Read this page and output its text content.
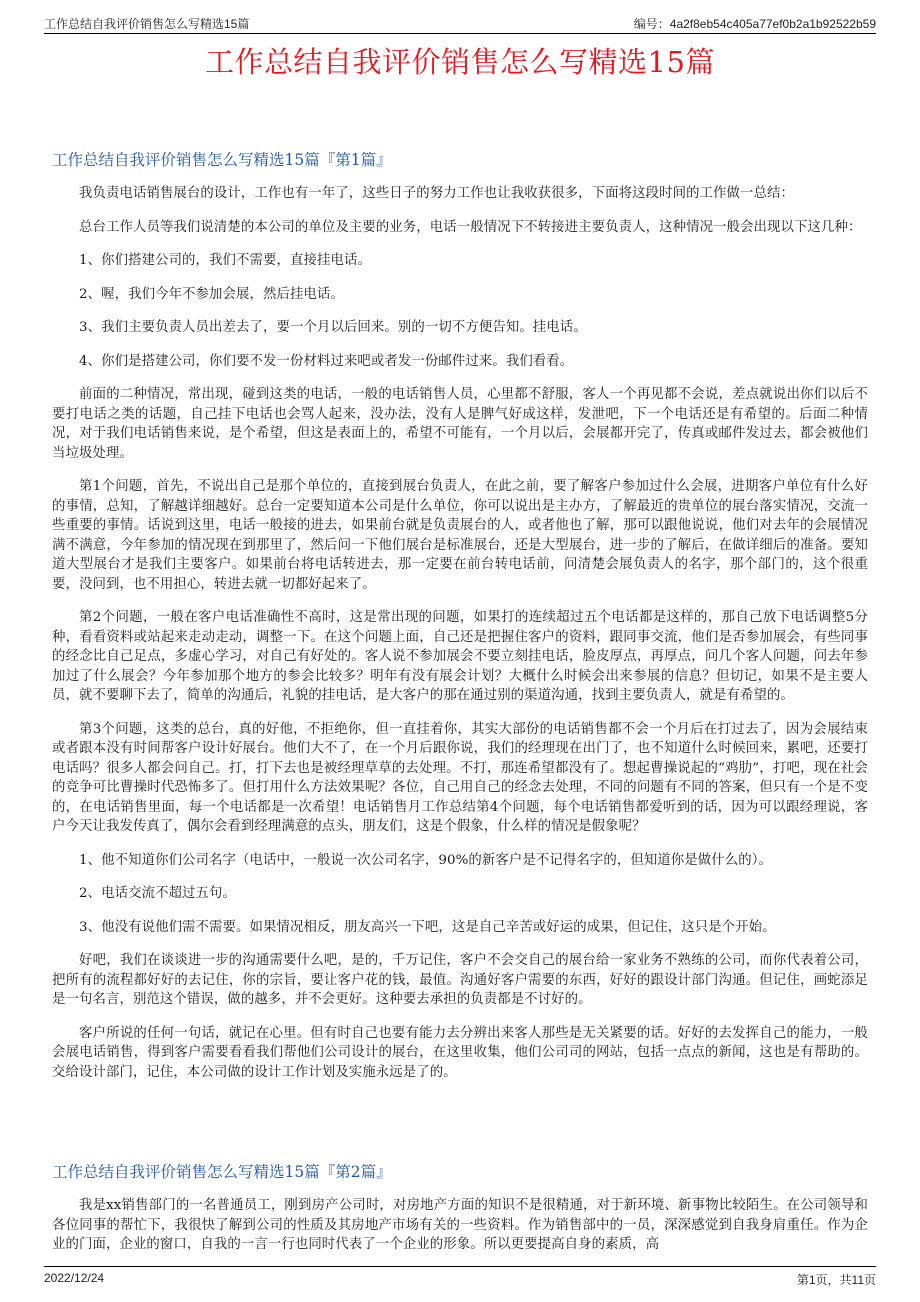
工作总结自我评价销售怎么写精选15篇	编号：4a2f8eb54c405a77ef0b2a1b92522b59
工作总结自我评价销售怎么写精选15篇
工作总结自我评价销售怎么写精选15篇『第1篇』

我负责电话销售展台的设计，工作也有一年了，这些日子的努力工作也让我收获很多，下面将这段时间的工作做一总结：

总台工作人员等我们说清楚的本公司的单位及主要的业务，电话一般情况下不转接进主要负责人，这种情况一般会出现以下这几种：

1、你们搭建公司的，我们不需要，直接挂电话。

2、喔，我们今年不参加会展，然后挂电话。

3、我们主要负责人员出差去了，要一个月以后回来。别的一切不方便告知。挂电话。

4、你们是搭建公司，你们要不发一份材料过来吧或者发一份邮件过来。我们看看。

前面的二种情况，常出现，碰到这类的电话，一般的电话销售人员，心里都不舒服，客人一个再见都不会说，差点就说出你们以后不要打电话之类的话题，自己挂下电话也会骂人起来，没办法，没有人是脾气好成这样，发泄吧，下一个电话还是有希望的。后面二种情况，对于我们电话销售来说，是个希望，但这是表面上的，希望不可能有，一个月以后，会展都开完了，传真或邮件发过去，都会被他们当垃圾处理。

第1个问题，首先，不说出自己是那个单位的，直接到展台负责人，在此之前，要了解客户参加过什么会展，进期客户单位有什么好的事情，总知，了解越详细越好。总台一定要知道本公司是什么单位，你可以说出是主办方，了解最近的贵单位的展台落实情况，交流一些重要的事情。话说到这里，电话一般接的进去，如果前台就是负责展台的人，或者他也了解，那可以跟他说说，他们对去年的会展情况满不满意，今年参加的情况现在到那里了，然后问一下他们展台是标准展台，还是大型展台，进一步的了解后，在做详细后的准备。要知道大型展台才是我们主要客户。如果前台将电话转进去，那一定要在前台转电话前，问清楚会展负责人的名字，那个部门的，这个很重要，没问到，也不用担心，转进去就一切都好起来了。

第2个问题，一般在客户电话准确性不高时，这是常出现的问题，如果打的连续超过五个电话都是这样的，那自己放下电话调整5分种，看看资料或站起来走动走动，调整一下。在这个问题上面，自己还是把握住客户的资料，跟同事交流，他们是否参加展会，有些同事的经念比自己足点，多虚心学习，对自己有好处的。客人说不参加展会不要立刻挂电话，脸皮厚点，再厚点，问几个客人问题，问去年参加过了什么展会？今年参加那个地方的参会比较多？明年有没有展会计划？大概什么时候会出来参展的信息？但切记，如果不是主要人员，就不要聊下去了，简单的沟通后，礼貌的挂电话，是大客户的那在通过别的渠道沟通，找到主要负责人，就是有希望的。

第3个问题，这类的总台，真的好他，不拒绝你，但一直挂着你，其实大部份的电话销售都不会一个月后在打过去了，因为会展结束或者跟本没有时间帮客户设计好展台。他们大不了，在一个月后跟你说，我们的经理现在出门了，也不知道什么时候回来，累吧，还要打电话吗？很多人都会问自己。打，打下去也是被经理草草的去处理。不打，那连希望都没有了。想起曹操说起的“鸡肋”，打吧，现在社会的竞争可比曹操时代恐怖多了。但打用什么方法效果呢？各位，自己用自己的经念去处理，不同的问题有不同的答案，但只有一个是不变的，在电话销售里面，每一个电话都是一次希望！电话销售月工作总结第4个问题，每个电话销售都爱听到的话，因为可以跟经理说，客户今天让我发传真了，偶尔会看到经理满意的点头，朋友们，这是个假象，什么样的情况是假象呢？

1、他不知道你们公司名字（电话中，一般说一次公司名字，90%的新客户是不记得名字的，但知道你是做什么的）。

2、电话交流不超过五句。

3、他没有说他们需不需要。如果情况相反，朋友高兴一下吧，这是自己辛苦或好运的成果，但记住，这只是个开始。

好吧，我们在谈谈进一步的沟通需要什么吧，是的，千万记住，客户不会交自己的展台给一家业务不熟练的公司，而你代表着公司，把所有的流程都好好的去记住，你的宗旨，要让客户花的钱，最值。沟通好客户需要的东西，好好的跟设计部门沟通。但记住，画蛇添足是一句名言，别范这个错误，做的越多，并不会更好。这种要去承担的负责都是不讨好的。

客户所说的任何一句话，就记在心里。但有时自己也要有能力去分辨出来客人那些是无关紧要的话。好好的去发挥自己的能力，一般会展电话销售，得到客户需要看看我们帮他们公司设计的展台，在这里收集，他们公司司的网站，包括一点点的新闻，这也是有帮助的。交给设计部门，记住，本公司做的设计工作计划及实施永远是了的。

工作总结自我评价销售怎么写精选15篇『第2篇』

我是xx销售部门的一名普通员工，刚到房产公司时，对房地产方面的知识不是很精通，对于新环境、新事物比较陌生。在公司领导和各位同事的帮忙下，我很快了解到公司的性质及其房地产市场有关的一些资料。作为销售部中的一员，深深感觉到自我身肩重任。作为企业的门面，企业的窗口，自我的一言一行也同时代表了一个企业的形象。所以更要提高自身的素质，高

2022/12/24	第1页，共11页
